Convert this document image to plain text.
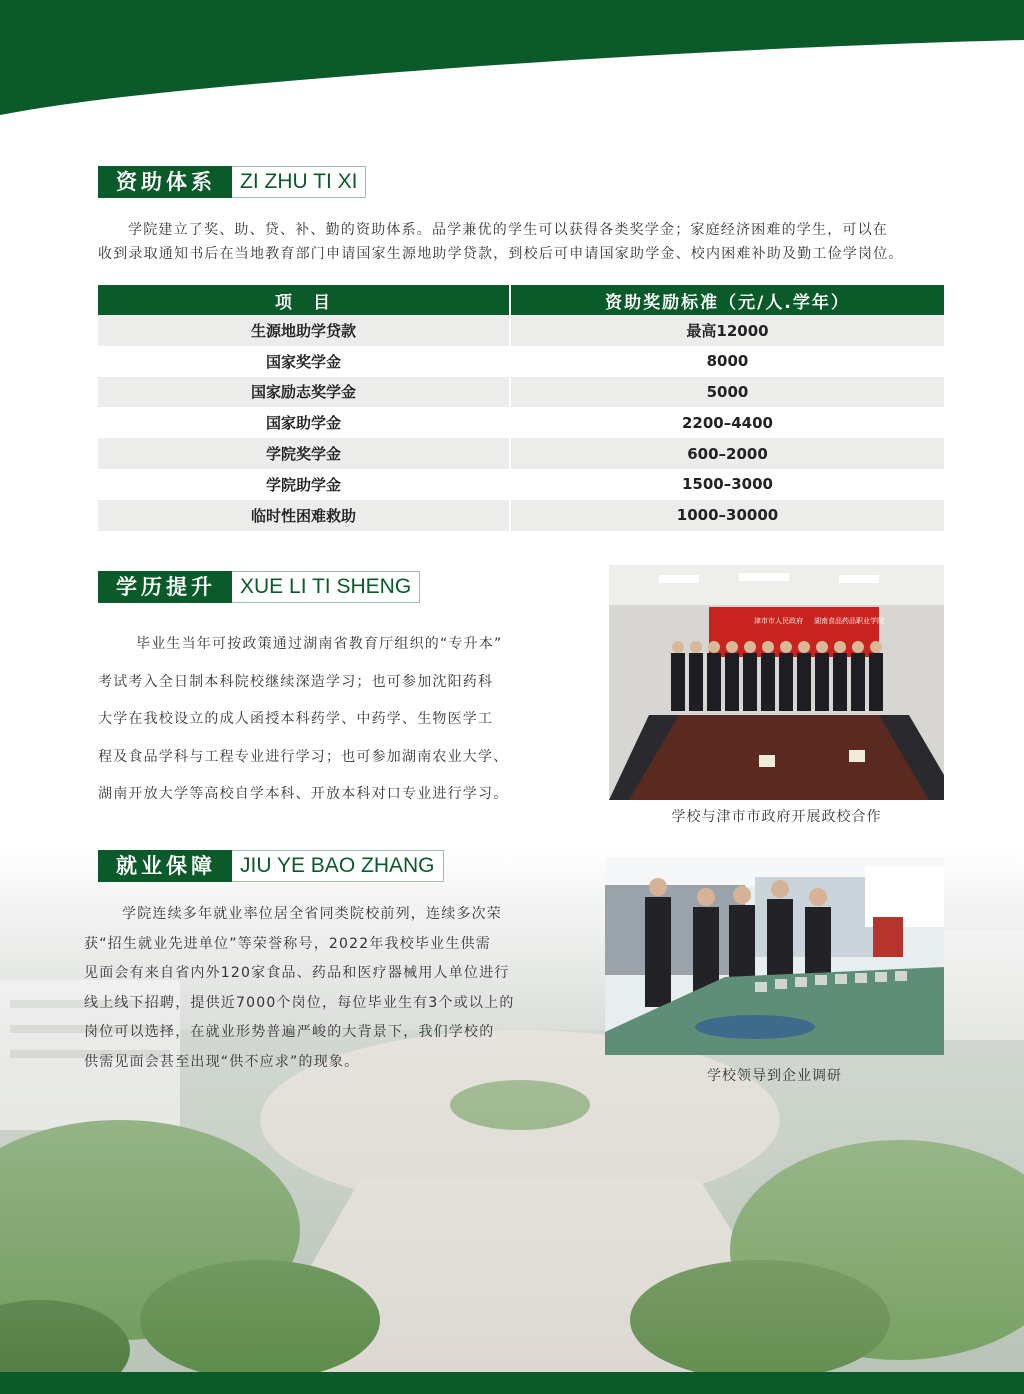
资助体系	ZI ZHU TI XI
学院建立了奖、助、贷、补、勤的资助体系。品学兼优的学生可以获得各类奖学金；家庭经济困难的学生，可以在
收到录取通知书后在当地教育部门申请国家生源地助学贷款，到校后可申请国家助学金、校内困难补助及勤工俭学岗位。
项　目	资助奖励标准（元/人.学年）
生源地助学贷款	最高12000
国家奖学金	8000
国家励志奖学金	5000
国家助学金	2200–4400
学院奖学金	600–2000
学院助学金	1500–3000
临时性困难救助	1000–30000
学历提升	XUE LI TI SHENG
毕业生当年可按政策通过湖南省教育厅组织的“专升本”
考试考入全日制本科院校继续深造学习；也可参加沈阳药科
大学在我校设立的成人函授本科药学、中药学、生物医学工
程及食品学科与工程专业进行学习；也可参加湖南农业大学、
湖南开放大学等高校自学本科、开放本科对口专业进行学习。
津市市人民政府 湖南食品药品职业学院
学校与津市市政府开展政校合作
就业保障	JIU YE BAO ZHANG
学院连续多年就业率位居全省同类院校前列，连续多次荣
获“招生就业先进单位”等荣誉称号，2022年我校毕业生供需
见面会有来自省内外120家食品、药品和医疗器械用人单位进行
线上线下招聘，提供近7000个岗位，每位毕业生有3个或以上的
岗位可以选择，在就业形势普遍严峻的大背景下，我们学校的
供需见面会甚至出现“供不应求”的现象。
学校领导到企业调研
